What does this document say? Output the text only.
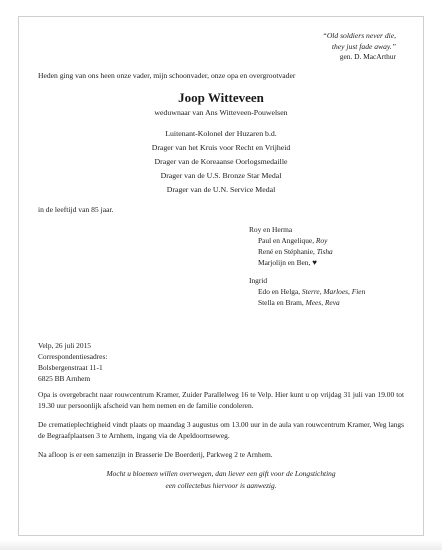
“Old soldiers never die,
they just fade away.”
gen. D. MacArthur
Heden ging van ons heen onze vader, mijn schoonvader, onze opa en overgrootvader
Joop Witteveen
weduwnaar van Ans Witteveen-Pouwelsen
Luitenant-Kolonel der Huzaren b.d.
Drager van het Kruis voor Recht en Vrijheid
Drager van de Koreaanse Oorlogsmedaille
Drager van de U.S. Bronze Star Medal
Drager van de U.N. Service Medal
in de leeftijd van 85 jaar.
Roy en Herma
Paul en Angelique, Roy
René en Stéphanie, Tisha
Marjolijn en Ben, ♥
Ingrid
Edo en Helga, Sterre, Marloes, Fien
Stella en Bram, Mees, Reva
Velp, 26 juli 2015
Correspondentiesadres:
Bolsbergenstraat 11-1
6825 BB Arnhem
Opa is overgebracht naar rouwcentrum Kramer, Zuider Parallelweg 16 te Velp. Hier kunt u op vrijdag 31 juli van 19.00 tot 19.30 uur persoonlijk afscheid van hem nemen en de familie condoleren.
De crematieplechtigheid vindt plaats op maandag 3 augustus om 13.00 uur in de aula van rouwcentrum Kramer, Weg langs de Begraafplaatsen 3 te Arnhem, ingang via de Apeldoornseweg.
Na afloop is er een samenzijn in Brasserie De Boerderij, Parkweg 2 te Arnhem.
Mocht u bloemen willen overwegen, dan liever een gift voor de Longstichting
een collectebus hiervoor is aanwezig.
